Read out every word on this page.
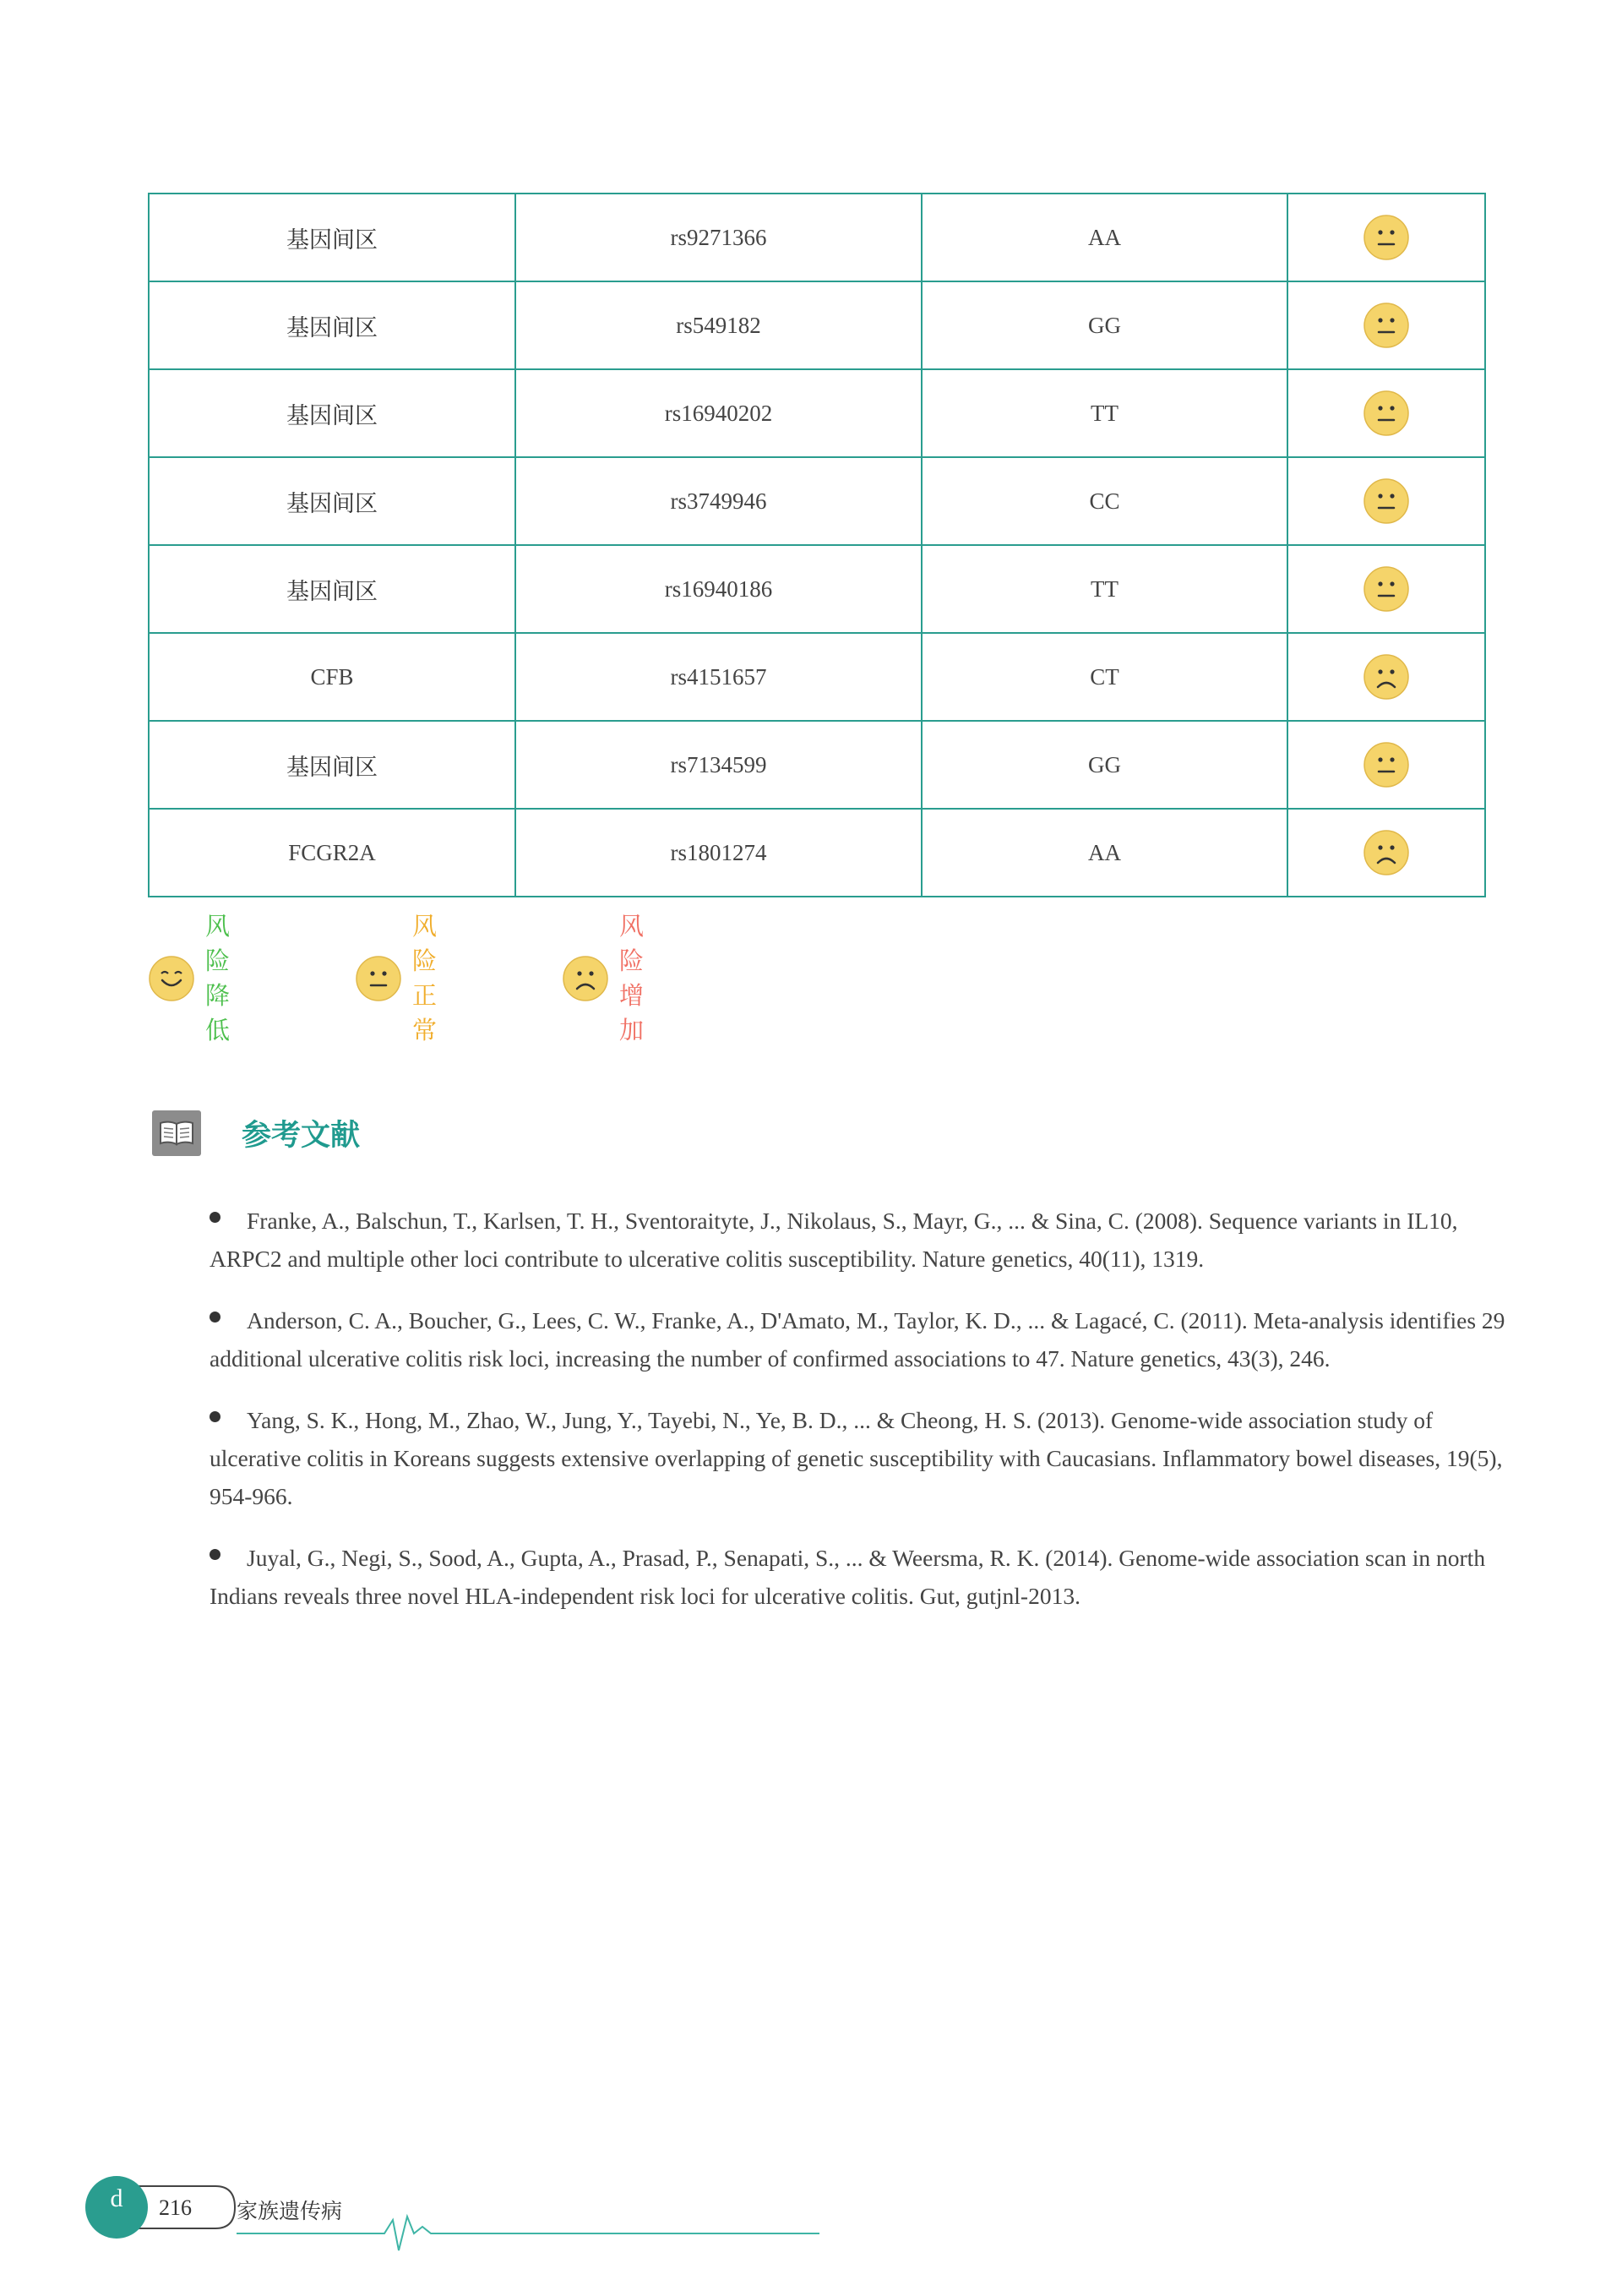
基因间区	rs9271366	AA	

基因间区	rs549182	GG	

基因间区	rs16940202	TT	

基因间区	rs3749946	CC	

基因间区	rs16940186	TT	

CFB	rs4151657	CT	

基因间区	rs7134599	GG	

FCGR2A	rs1801274	AA	
风险降低
风险正常
风险增加
参考文献
Franke, A., Balschun, T., Karlsen, T. H., Sventoraityte, J., Nikolaus, S., Mayr, G., ... & Sina, C. (2008). Sequence variants in IL10, ARPC2 and multiple other loci contribute to ulcerative colitis susceptibility. Nature genetics, 40(11), 1319.
Anderson, C. A., Boucher, G., Lees, C. W., Franke, A., D'Amato, M., Taylor, K. D., ... & Lagacé, C. (2011). Meta-analysis identifies 29 additional ulcerative colitis risk loci, increasing the number of confirmed associations to 47. Nature genetics, 43(3), 246.
Yang, S. K., Hong, M., Zhao, W., Jung, Y., Tayebi, N., Ye, B. D., ... & Cheong, H. S. (2013). Genome-wide association study of ulcerative colitis in Koreans suggests extensive overlapping of genetic susceptibility with Caucasians. Inflammatory bowel diseases, 19(5), 954-966.
Juyal, G., Negi, S., Sood, A., Gupta, A., Prasad, P., Senapati, S., ... & Weersma, R. K. (2014). Genome-wide association scan in north Indians reveals three novel HLA-independent risk loci for ulcerative colitis. Gut, gutjnl-2013.
d	216 家族遗传病
